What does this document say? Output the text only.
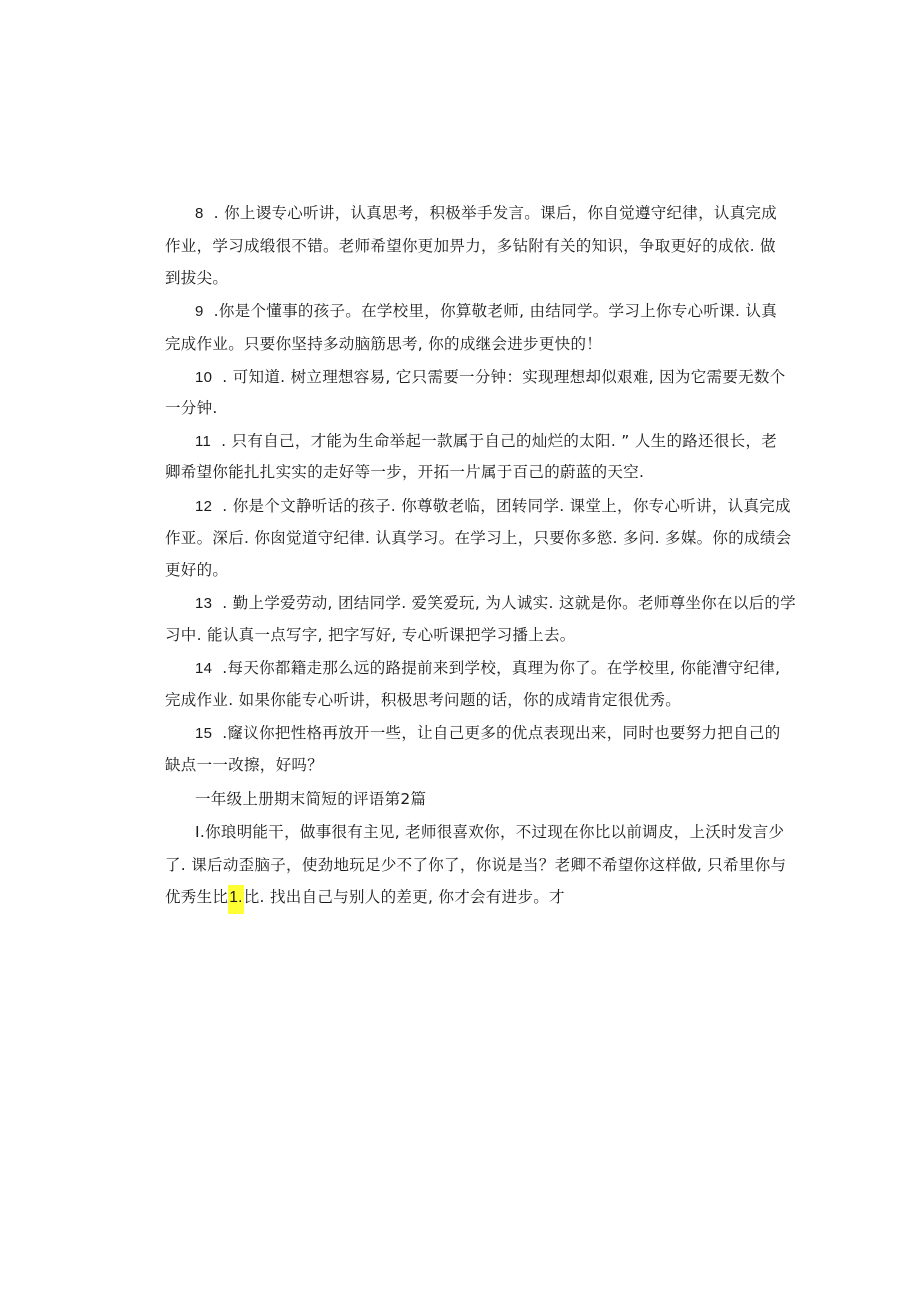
8 . 你上谡专心听讲，认真思考，积极举手发言。课后，你自觉遵守纪律，认真完成
作业，学习成缎很不错。老师希望你更加畀力，多钻附有关的知识，争取更好的成依. 做
到拔尖。
9 .你是个懂事的孩子。在学校里，你算敬老师, 由结同学。学习上你专心听课. 认真
完成作业。只要你坚持多动脑筋思考, 你的成继会进步更快的！
10 . 可知道. 树立理想容易, 它只需要一分钟：实现理想却似艰难, 因为它需要无数个
一分钟.
11 . 只有自己，才能为生命举起一款属于自己的灿烂的太阳. ” 人生的路还很长，老
卿希望你能扎扎实实的走好等一步，开拓一片属于百己的蔚蓝的天空.
12 . 你是个文静听话的孩子. 你尊敬老临，团转同学. 课堂上，你专心听讲，认真完成
作亚。深后. 你囱觉道守纪律. 认真学习。在学习上，只要你多慾. 多问. 多媒。你的成绩会
更好的。
13 . 勤上学爱劳动, 团结同学. 爱笑爱玩, 为人诚实. 这就是你。老师尊坐你在以后的学
习中. 能认真一点写字, 把字写好, 专心听课把学习播上去。
14 .每天你都籍走那么远的路提前来到学校，真理为你了。在学校里, 你能漕守纪律,
完成作业. 如果你能专心听讲，积极思考问题的话，你的成靖肯定很优秀。
15 .窿议你把性格再放开一些，让自己更多的优点表现出来，同时也要努力把自己的
缺点一一改擦，好吗？
一年级上册期末简短的评语第2篇
I.你琅明能干，做事很有主见, 老师很喜欢你，不过现在你比以前调皮，上沃时发言少
了. 课后动歪脑子，使劲地玩足少不了你了，你说是当？老卿不希望你这样做, 只希里你与
优秀生比1.比. 找出自己与别人的差更, 你才会有进步。才
